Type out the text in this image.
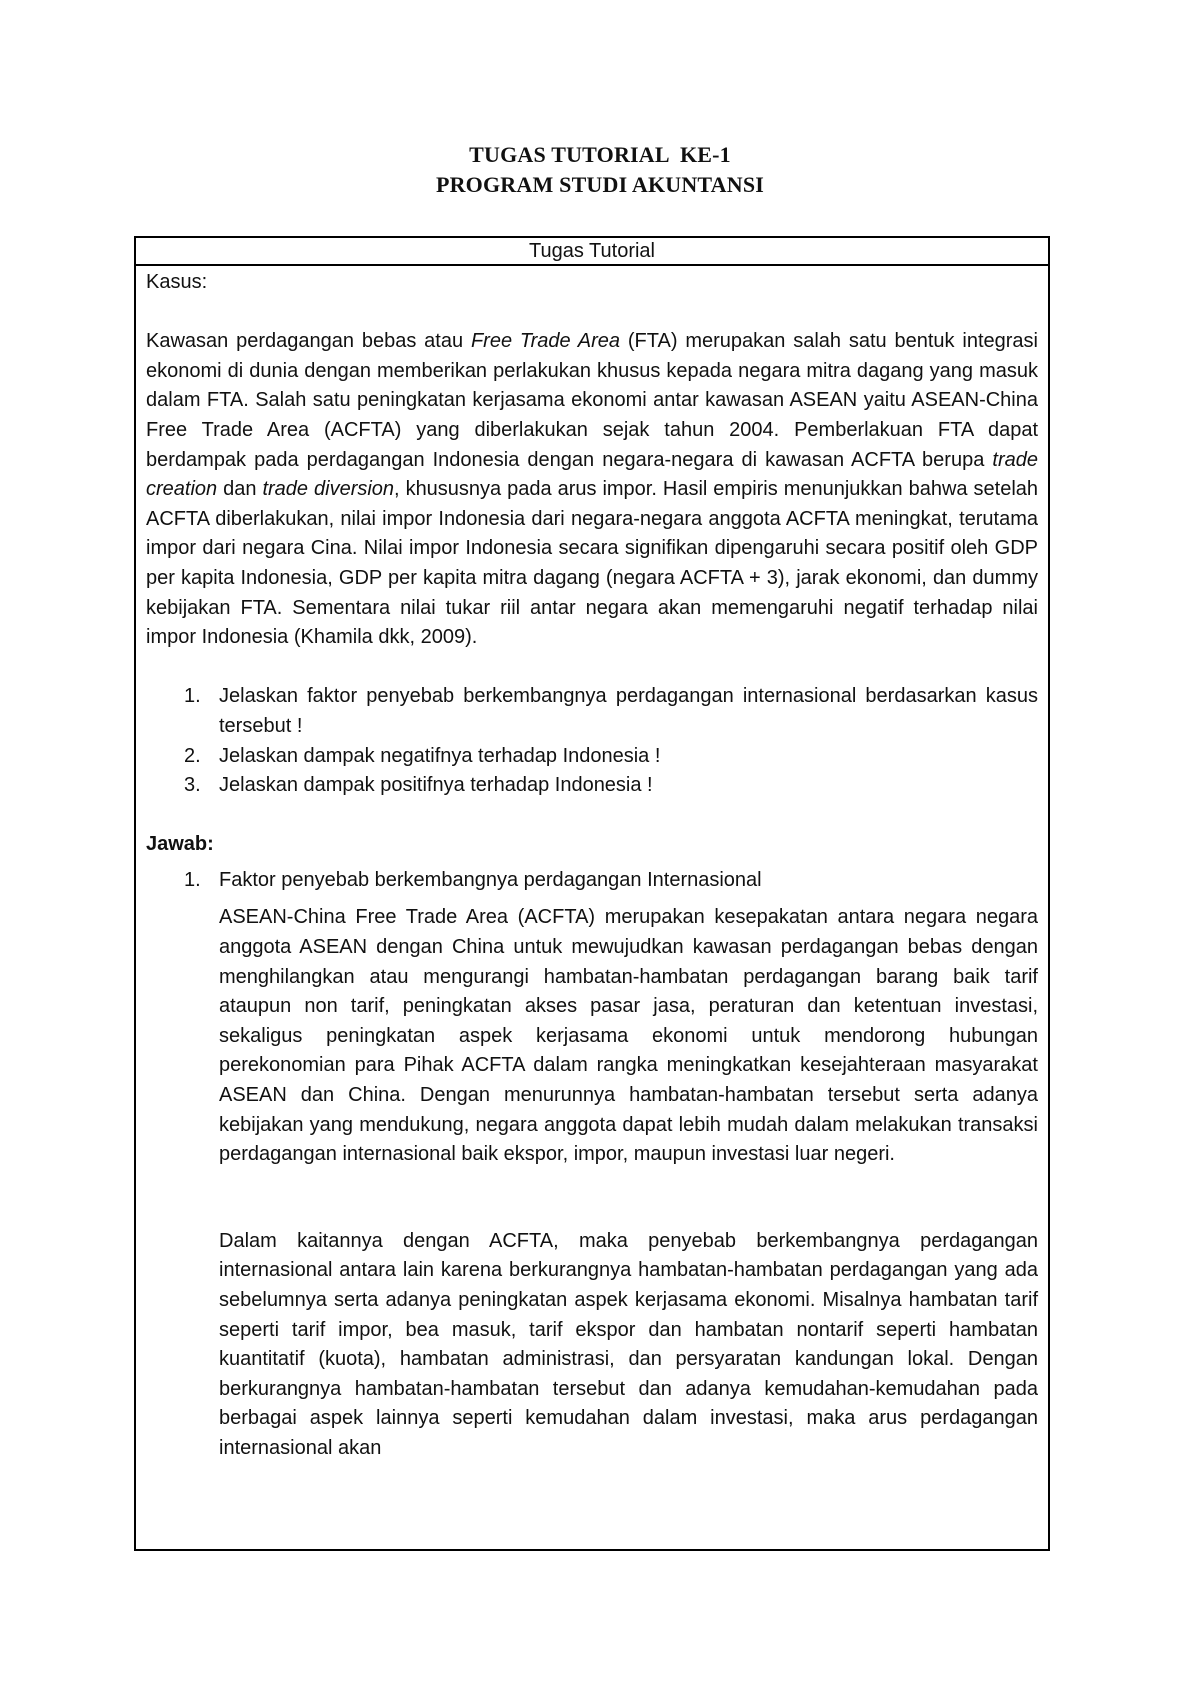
TUGAS TUTORIAL  KE-1
PROGRAM STUDI AKUNTANSI
Tugas Tutorial

Kasus:

Kawasan perdagangan bebas atau Free Trade Area (FTA) merupakan salah satu bentuk integrasi ekonomi di dunia dengan memberikan perlakukan khusus kepada negara mitra dagang yang masuk dalam FTA. Salah satu peningkatan kerjasama ekonomi antar kawasan ASEAN yaitu ASEAN-China Free Trade Area (ACFTA) yang diberlakukan sejak tahun 2004. Pemberlakuan FTA dapat berdampak pada perdagangan Indonesia dengan negara-negara di kawasan ACFTA berupa trade creation dan trade diversion, khususnya pada arus impor. Hasil empiris menunjukkan bahwa setelah ACFTA diberlakukan, nilai impor Indonesia dari negara-negara anggota ACFTA meningkat, terutama impor dari negara Cina. Nilai impor Indonesia secara signifikan dipengaruhi secara positif oleh GDP per kapita Indonesia, GDP per kapita mitra dagang (negara ACFTA + 3), jarak ekonomi, dan dummy kebijakan FTA. Sementara nilai tukar riil antar negara akan memengaruhi negatif terhadap nilai impor Indonesia (Khamila dkk, 2009).

1. Jelaskan faktor penyebab berkembangnya perdagangan internasional berdasarkan kasus tersebut !
2. Jelaskan dampak negatifnya terhadap Indonesia !
3. Jelaskan dampak positifnya terhadap Indonesia !

Jawab:

1. Faktor penyebab berkembangnya perdagangan Internasional

ASEAN-China Free Trade Area (ACFTA) merupakan kesepakatan antara negara negara anggota ASEAN dengan China untuk mewujudkan kawasan perdagangan bebas dengan menghilangkan atau mengurangi hambatan-hambatan perdagangan barang baik tarif ataupun non tarif, peningkatan akses pasar jasa, peraturan dan ketentuan investasi, sekaligus peningkatan aspek kerjasama ekonomi untuk mendorong hubungan perekonomian para Pihak ACFTA dalam rangka meningkatkan kesejahteraan masyarakat ASEAN dan China. Dengan menurunnya hambatan-hambatan tersebut serta adanya kebijakan yang mendukung, negara anggota dapat lebih mudah dalam melakukan transaksi perdagangan internasional baik ekspor, impor, maupun investasi luar negeri.

Dalam kaitannya dengan ACFTA, maka penyebab berkembangnya perdagangan internasional antara lain karena berkurangnya hambatan-hambatan perdagangan yang ada sebelumnya serta adanya peningkatan aspek kerjasama ekonomi. Misalnya hambatan tarif seperti tarif impor, bea masuk, tarif ekspor dan hambatan nontarif seperti hambatan kuantitatif (kuota), hambatan administrasi, dan persyaratan kandungan lokal. Dengan berkurangnya hambatan-hambatan tersebut dan adanya kemudahan-kemudahan pada berbagai aspek lainnya seperti kemudahan dalam investasi, maka arus perdagangan internasional akan
